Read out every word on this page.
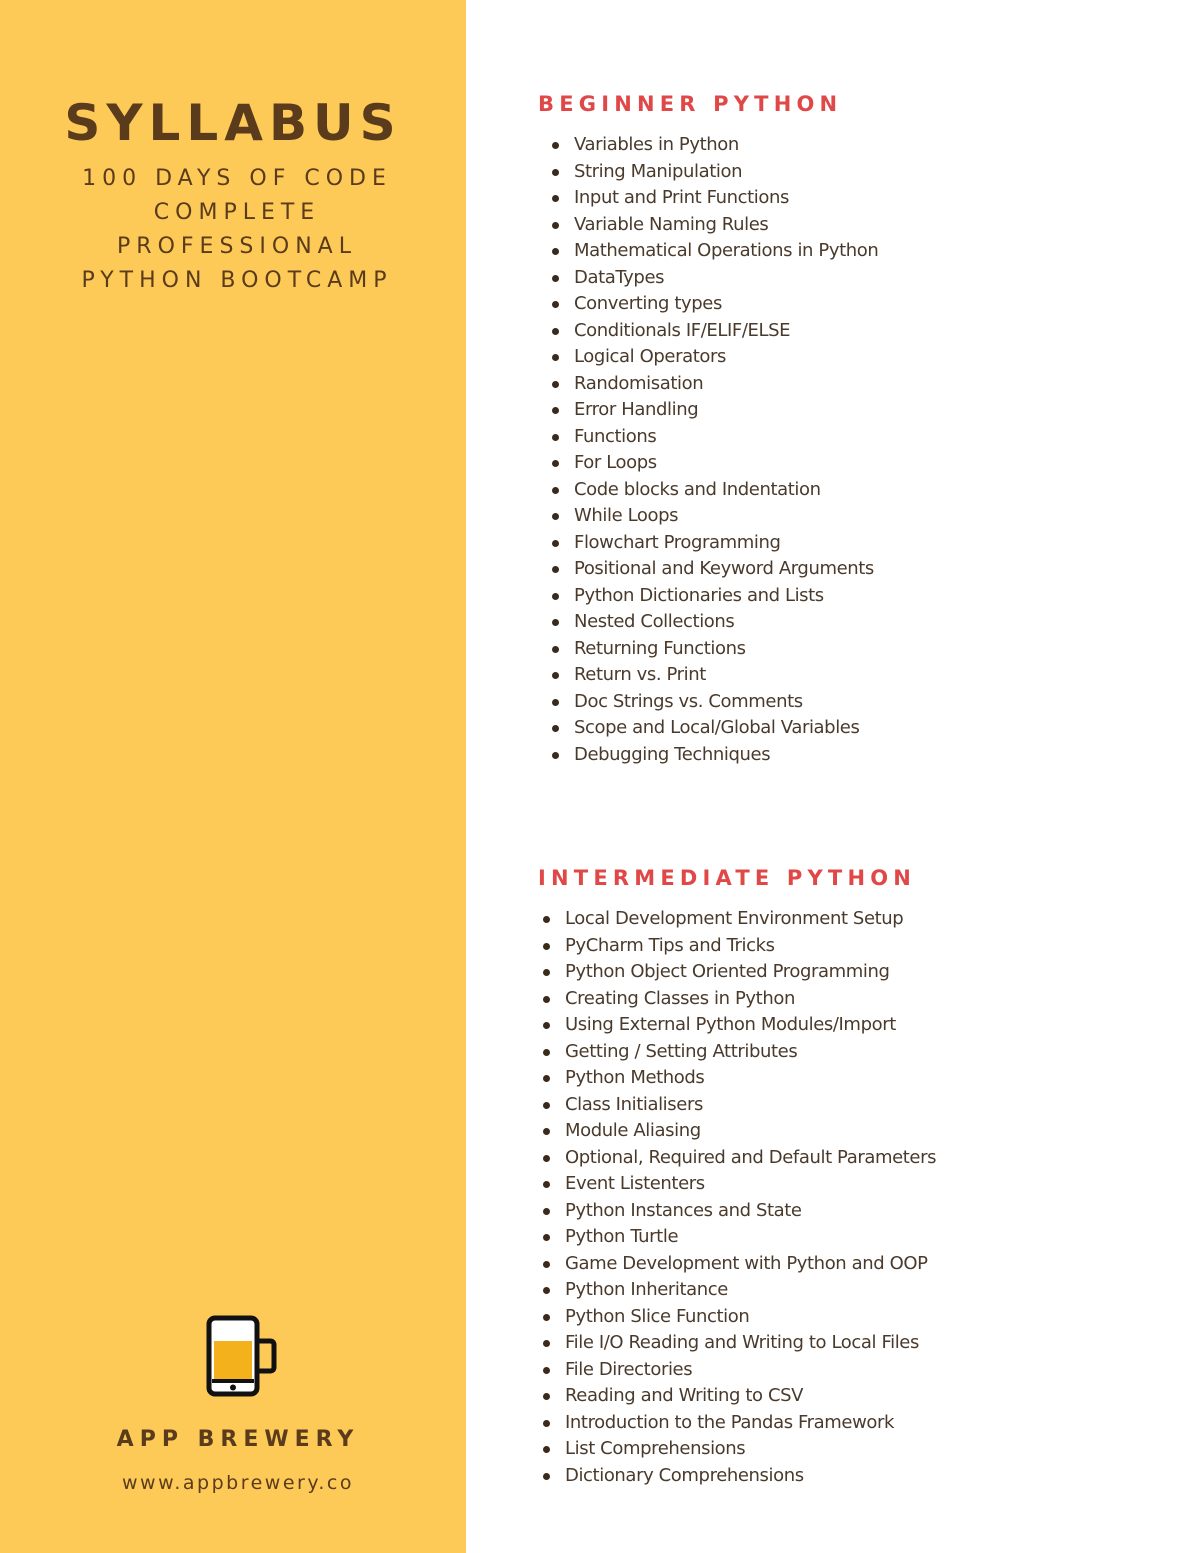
SYLLABUS
100 DAYS OF CODE
COMPLETE
PROFESSIONAL
PYTHON BOOTCAMP
APP BREWERY
www.appbrewery.co
BEGINNER PYTHON
Variables in Python
String Manipulation
Input and Print Functions
Variable Naming Rules
Mathematical Operations in Python
DataTypes
Converting types
Conditionals IF/ELIF/ELSE
Logical Operators
Randomisation
Error Handling
Functions
For Loops
Code blocks and Indentation
While Loops
Flowchart Programming
Positional and Keyword Arguments
Python Dictionaries and Lists
Nested Collections
Returning Functions
Return vs. Print
Doc Strings vs. Comments
Scope and Local/Global Variables
Debugging Techniques
INTERMEDIATE PYTHON
Local Development Environment Setup
PyCharm Tips and Tricks
Python Object Oriented Programming
Creating Classes in Python
Using External Python Modules/Import
Getting / Setting Attributes
Python Methods
Class Initialisers
Module Aliasing
Optional, Required and Default Parameters
Event Listenters
Python Instances and State
Python Turtle
Game Development with Python and OOP
Python Inheritance
Python Slice Function
File I/O Reading and Writing to Local Files
File Directories
Reading and Writing to CSV
Introduction to the Pandas Framework
List Comprehensions
Dictionary Comprehensions
